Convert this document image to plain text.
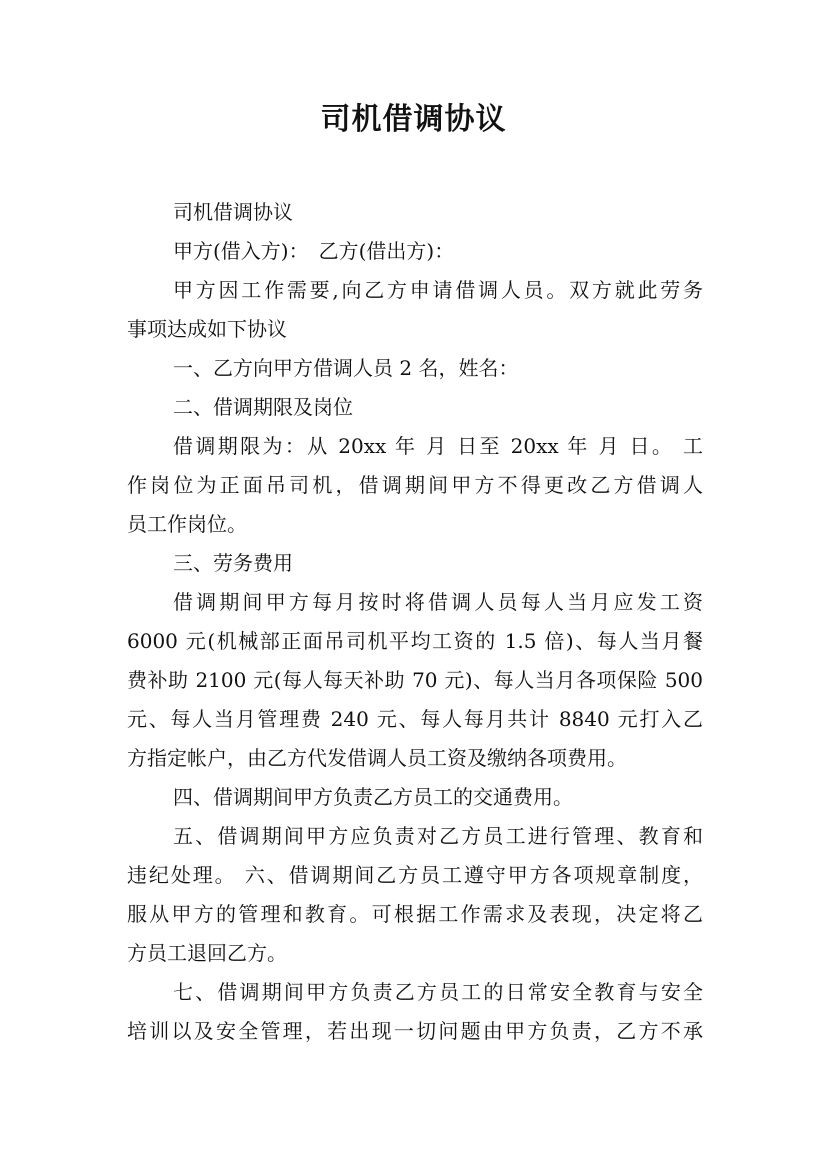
司机借调协议
司机借调协议
甲方(借入方)：　乙方(借出方)：
甲方因工作需要,向乙方申请借调人员。双方就此劳务
事项达成如下协议
一、乙方向甲方借调人员 2 名，姓名：
二、借调期限及岗位
借调期限为：从 20xx 年 月 日至 20xx 年 月 日。 工
作岗位为正面吊司机，借调期间甲方不得更改乙方借调人
员工作岗位。
三、劳务费用
借调期间甲方每月按时将借调人员每人当月应发工资
6000 元(机械部正面吊司机平均工资的 1.5 倍)、每人当月餐
费补助 2100 元(每人每天补助 70 元)、每人当月各项保险 500
元、每人当月管理费 240 元、每人每月共计 8840 元打入乙
方指定帐户，由乙方代发借调人员工资及缴纳各项费用。
四、借调期间甲方负责乙方员工的交通费用。
五、借调期间甲方应负责对乙方员工进行管理、教育和
违纪处理。 六、借调期间乙方员工遵守甲方各项规章制度，
服从甲方的管理和教育。可根据工作需求及表现，决定将乙
方员工退回乙方。
七、借调期间甲方负责乙方员工的日常安全教育与安全
培训以及安全管理，若出现一切问题由甲方负责，乙方不承
